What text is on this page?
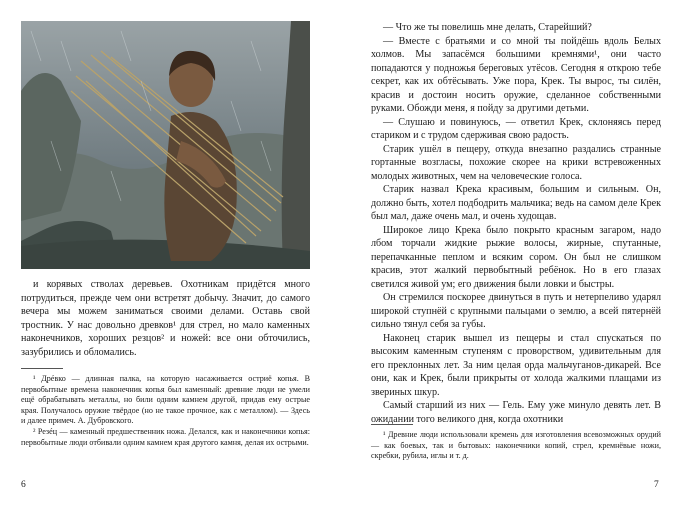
и корявых стволах деревьев. Охотникам придётся много потрудиться, прежде чем они встретят добычу. Значит, до самого вечера мы можем заниматься своими делами. Оставь свой тростник. У нас довольно древков¹ для стрел, но мало каменных наконечников, хороших резцов² и ножей: все они обточились, зазубрились и обломались.

¹ Дрéвко — длинная палка, на которую насаживается остриё копья. В первобытные времена наконечник копья был каменный: древние люди не умели ещё обрабатывать металлы, но били одним камнем другой, придав ему острые края. Получалось оружие твёрдое (но не такое прочное, как с металлом). — Здесь и далее примеч. А. Дубровского.

² Резéц — каменный предшественник ножа. Делался, как и наконечники копья: первобытные люди отбивали одним камнем края другого камня, делая их острыми.

6

— Что же ты повелишь мне делать, Старейший?

— Вместе с братьями и со мной ты пойдёшь вдоль Белых холмов. Мы запасёмся большими кремнями¹, они часто попадаются у подножья береговых утёсов. Сегодня я открою тебе секрет, как их обтёсывать. Уже пора, Крек. Ты вырос, ты силён, красив и достоин носить оружие, сделанное собственными руками. Обожди меня, я пойду за другими детьми.

— Слушаю и повинуюсь, — ответил Крек, склоняясь перед стариком и с трудом сдерживая свою радость.

Старик ушёл в пещеру, откуда внезапно раздались странные гортанные возгласы, похожие скорее на крики встревоженных молодых животных, чем на человеческие голоса.

Старик назвал Крека красивым, большим и сильным. Он, должно быть, хотел подбодрить мальчика; ведь на самом деле Крек был мал, даже очень мал, и очень худощав.

Широкое лицо Крека было покрыто красным загаром, надо лбом торчали жидкие рыжие волосы, жирные, спутанные, перепачканные пеплом и всяким сором. Он был не слишком красив, этот жалкий первобытный ребёнок. Но в его глазах светился живой ум; его движения были ловки и быстры.

Он стремился поскорее двинуться в путь и нетерпеливо ударял широкой ступнёй с крупными пальцами о землю, а всей пятернёй сильно тянул себя за губы.

Наконец старик вышел из пещеры и стал спускаться по высоким каменным ступеням с проворством, удивительным для его преклонных лет. За ним целая орда мальчуганов-дикарей. Все они, как и Крек, были прикрыты от холода жалкими плащами из звериных шкур.

Самый старший из них — Гель. Ему уже минуло девять лет. В ожидании того великого дня, когда охотники

¹ Древние люди использовали кремень для изготовления всевозможных орудий — как боевых, так и бытовых: наконечники копий, стрел, кремнёвые ножи, скребки, рубила, иглы и т. д.

7
